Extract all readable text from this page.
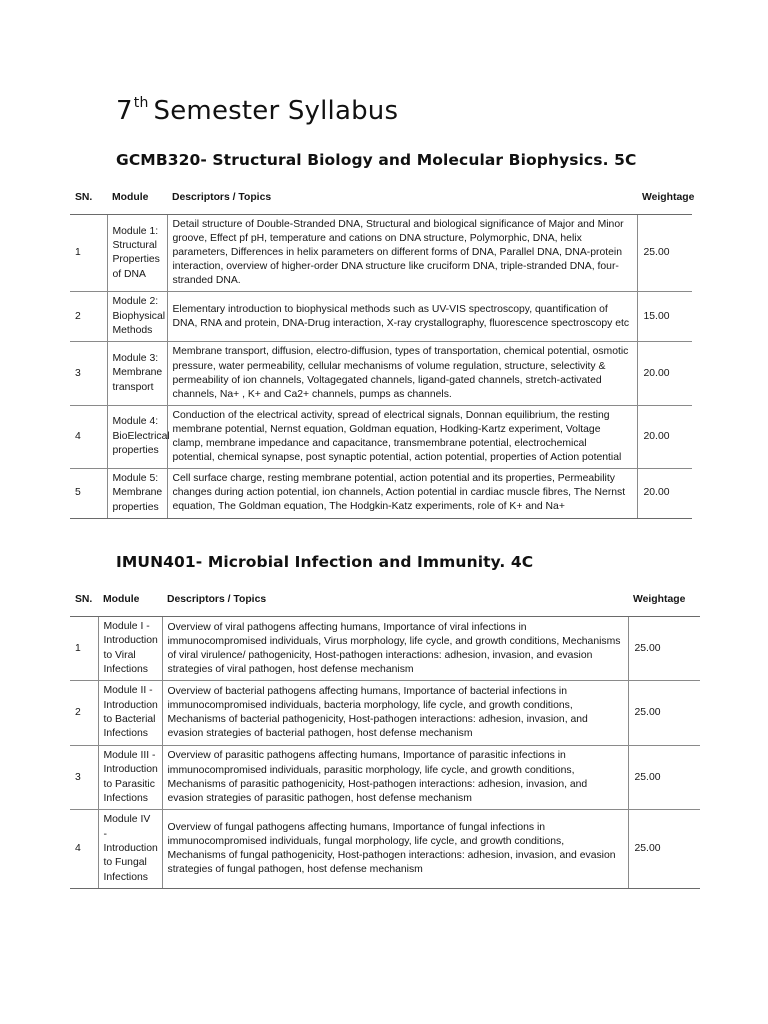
7th Semester Syllabus
GCMB320- Structural Biology and Molecular Biophysics. 5C
SN.	Module	Descriptors / Topics	Weightage
1	Module 1: Structural Properties of DNA	Detail structure of Double-Stranded DNA, Structural and biological significance of Major and Minor groove, Effect pf pH, temperature and cations on DNA structure, Polymorphic, DNA, helix parameters, Differences in helix parameters on different forms of DNA, Parallel DNA, DNA-protein interaction, overview of higher-order DNA structure like cruciform DNA, triple-stranded DNA, four-stranded DNA.	25.00
2	Module 2: Biophysical Methods	Elementary introduction to biophysical methods such as UV-VIS spectroscopy, quantification of DNA, RNA and protein, DNA-Drug interaction, X-ray crystallography, fluorescence spectroscopy etc	15.00
3	Module 3: Membrane transport	Membrane transport, diffusion, electro-diffusion, types of transportation, chemical potential, osmotic pressure, water permeability, cellular mechanisms of volume regulation, structure, selectivity & permeability of ion channels, Voltagegated channels, ligand-gated channels, stretch-activated channels, Na+ , K+ and Ca2+ channels, pumps as channels.	20.00
4	Module 4: BioElectrical properties	Conduction of the electrical activity, spread of electrical signals, Donnan equilibrium, the resting membrane potential, Nernst equation, Goldman equation, Hodking-Kartz experiment, Voltage clamp, membrane impedance and capacitance, transmembrane potential, electrochemical potential, chemical synapse, post synaptic potential, action potential, properties of Action potential	20.00
5	Module 5: Membrane properties	Cell surface charge, resting membrane potential, action potential and its properties, Permeability changes during action potential, ion channels, Action potential in cardiac muscle fibres, The Nernst equation, The Goldman equation, The Hodgkin-Katz experiments, role of K+ and Na+	20.00
IMUN401- Microbial Infection and Immunity. 4C
SN.	Module	Descriptors / Topics	Weightage
1	Module I - Introduction to Viral Infections	Overview of viral pathogens affecting humans, Importance of viral infections in immunocompromised individuals, Virus morphology, life cycle, and growth conditions, Mechanisms of viral virulence/ pathogenicity, Host-pathogen interactions: adhesion, invasion, and evasion strategies of viral pathogen, host defense mechanism	25.00
2	Module II - Introduction to Bacterial Infections	Overview of bacterial pathogens affecting humans, Importance of bacterial infections in immunocompromised individuals, bacteria morphology, life cycle, and growth conditions, Mechanisms of bacterial pathogenicity, Host-pathogen interactions: adhesion, invasion, and evasion strategies of bacterial pathogen, host defense mechanism	25.00
3	Module III - Introduction to Parasitic Infections	Overview of parasitic pathogens affecting humans, Importance of parasitic infections in immunocompromised individuals, parasitic morphology, life cycle, and growth conditions, Mechanisms of parasitic pathogenicity, Host-pathogen interactions: adhesion, invasion, and evasion strategies of parasitic pathogen, host defense mechanism	25.00
4	Module IV - Introduction to Fungal Infections	Overview of fungal pathogens affecting humans, Importance of fungal infections in immunocompromised individuals, fungal morphology, life cycle, and growth conditions, Mechanisms of fungal pathogenicity, Host-pathogen interactions: adhesion, invasion, and evasion strategies of fungal pathogen, host defense mechanism	25.00
